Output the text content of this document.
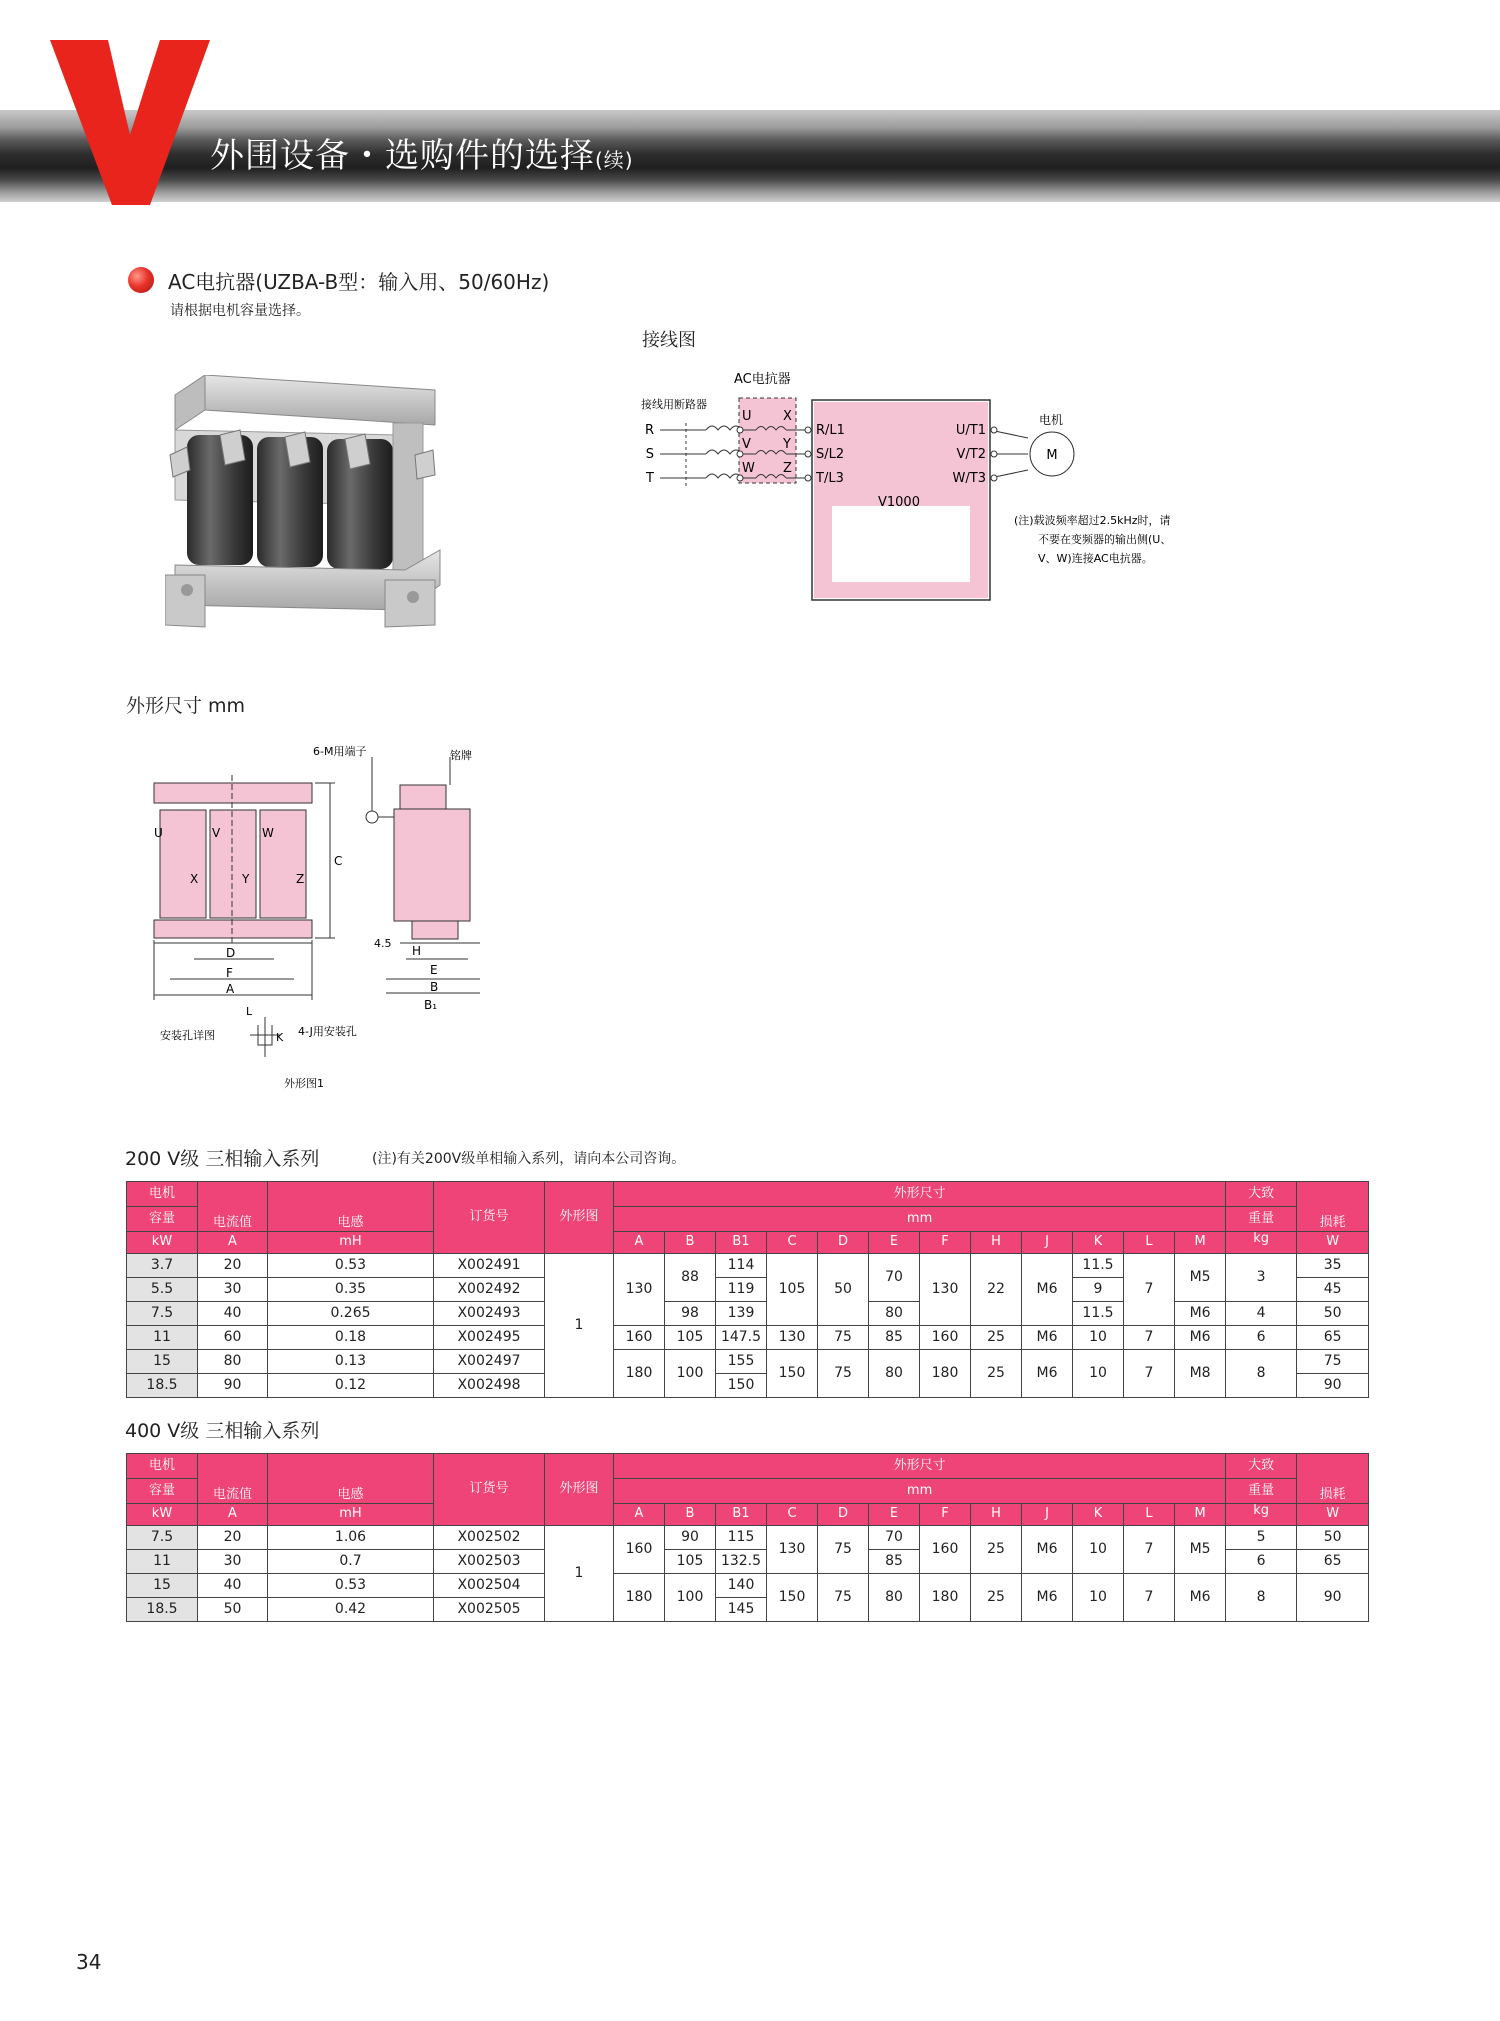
外围设备・选购件的选择(续)
AC电抗器(UZBA-B型：输入用、50/60Hz)
请根据电机容量选择。
接线图
AC电抗器
接线用断路器
V1000
R
S
T
U
V
W
X
Y
Z
R/L1
S/L2
T/L3
U/T1
V/T2
W/T3
电机
M
(注)载波频率超过2.5kHz时，请
不要在变频器的输出侧(U、
V、W)连接AC电抗器。
外形尺寸 mm
U	V	W
X	Y	Z
D
F
A
C
6-M用端子	铭牌
4.5
H
E
B
B₁
L
K
安装孔详图	4-J用安装孔
外形图1
200 V级 三相输入系列	(注)有关200V级单相输入系列，请向本公司咨询。
电机	电流值	电感	订货号	外形图	外形尺寸												大致	损耗
容量					mm												重量	
kW	A	mH			A	B	B1	C	D	E	F	H	J	K	L	M	kg	W
3.7	20	0.53	X002491	1	130	88	114	105	50	70	130	22	M6	11.5	7	M5	3	35
5.5	30	0.35	X002492				119							9				45
7.5	40	0.265	X002493			98	139			80				11.5		M6	4	50
11	60	0.18	X002495		160	105	147.5	130	75	85	160	25	M6	10	7	M6	6	65
15	80	0.13	X002497		180	100	155	150	75	80	180	25	M6	10	7	M8	8	75
18.5	90	0.12	X002498				150											90
400 V级 三相输入系列
电机	电流值	电感	订货号	外形图	外形尺寸												大致	损耗
容量					mm												重量	
kW	A	mH			A	B	B1	C	D	E	F	H	J	K	L	M	kg	W
7.5	20	1.06	X002502	1	160	90	115	130	75	70	160	25	M6	10	7	M5	5	50
11	30	0.7	X002503			105	132.5			85							6	65
15	40	0.53	X002504		180	100	140	150	75	80	180	25	M6	10	7	M6	8	90
18.5	50	0.42	X002505				145											
34
